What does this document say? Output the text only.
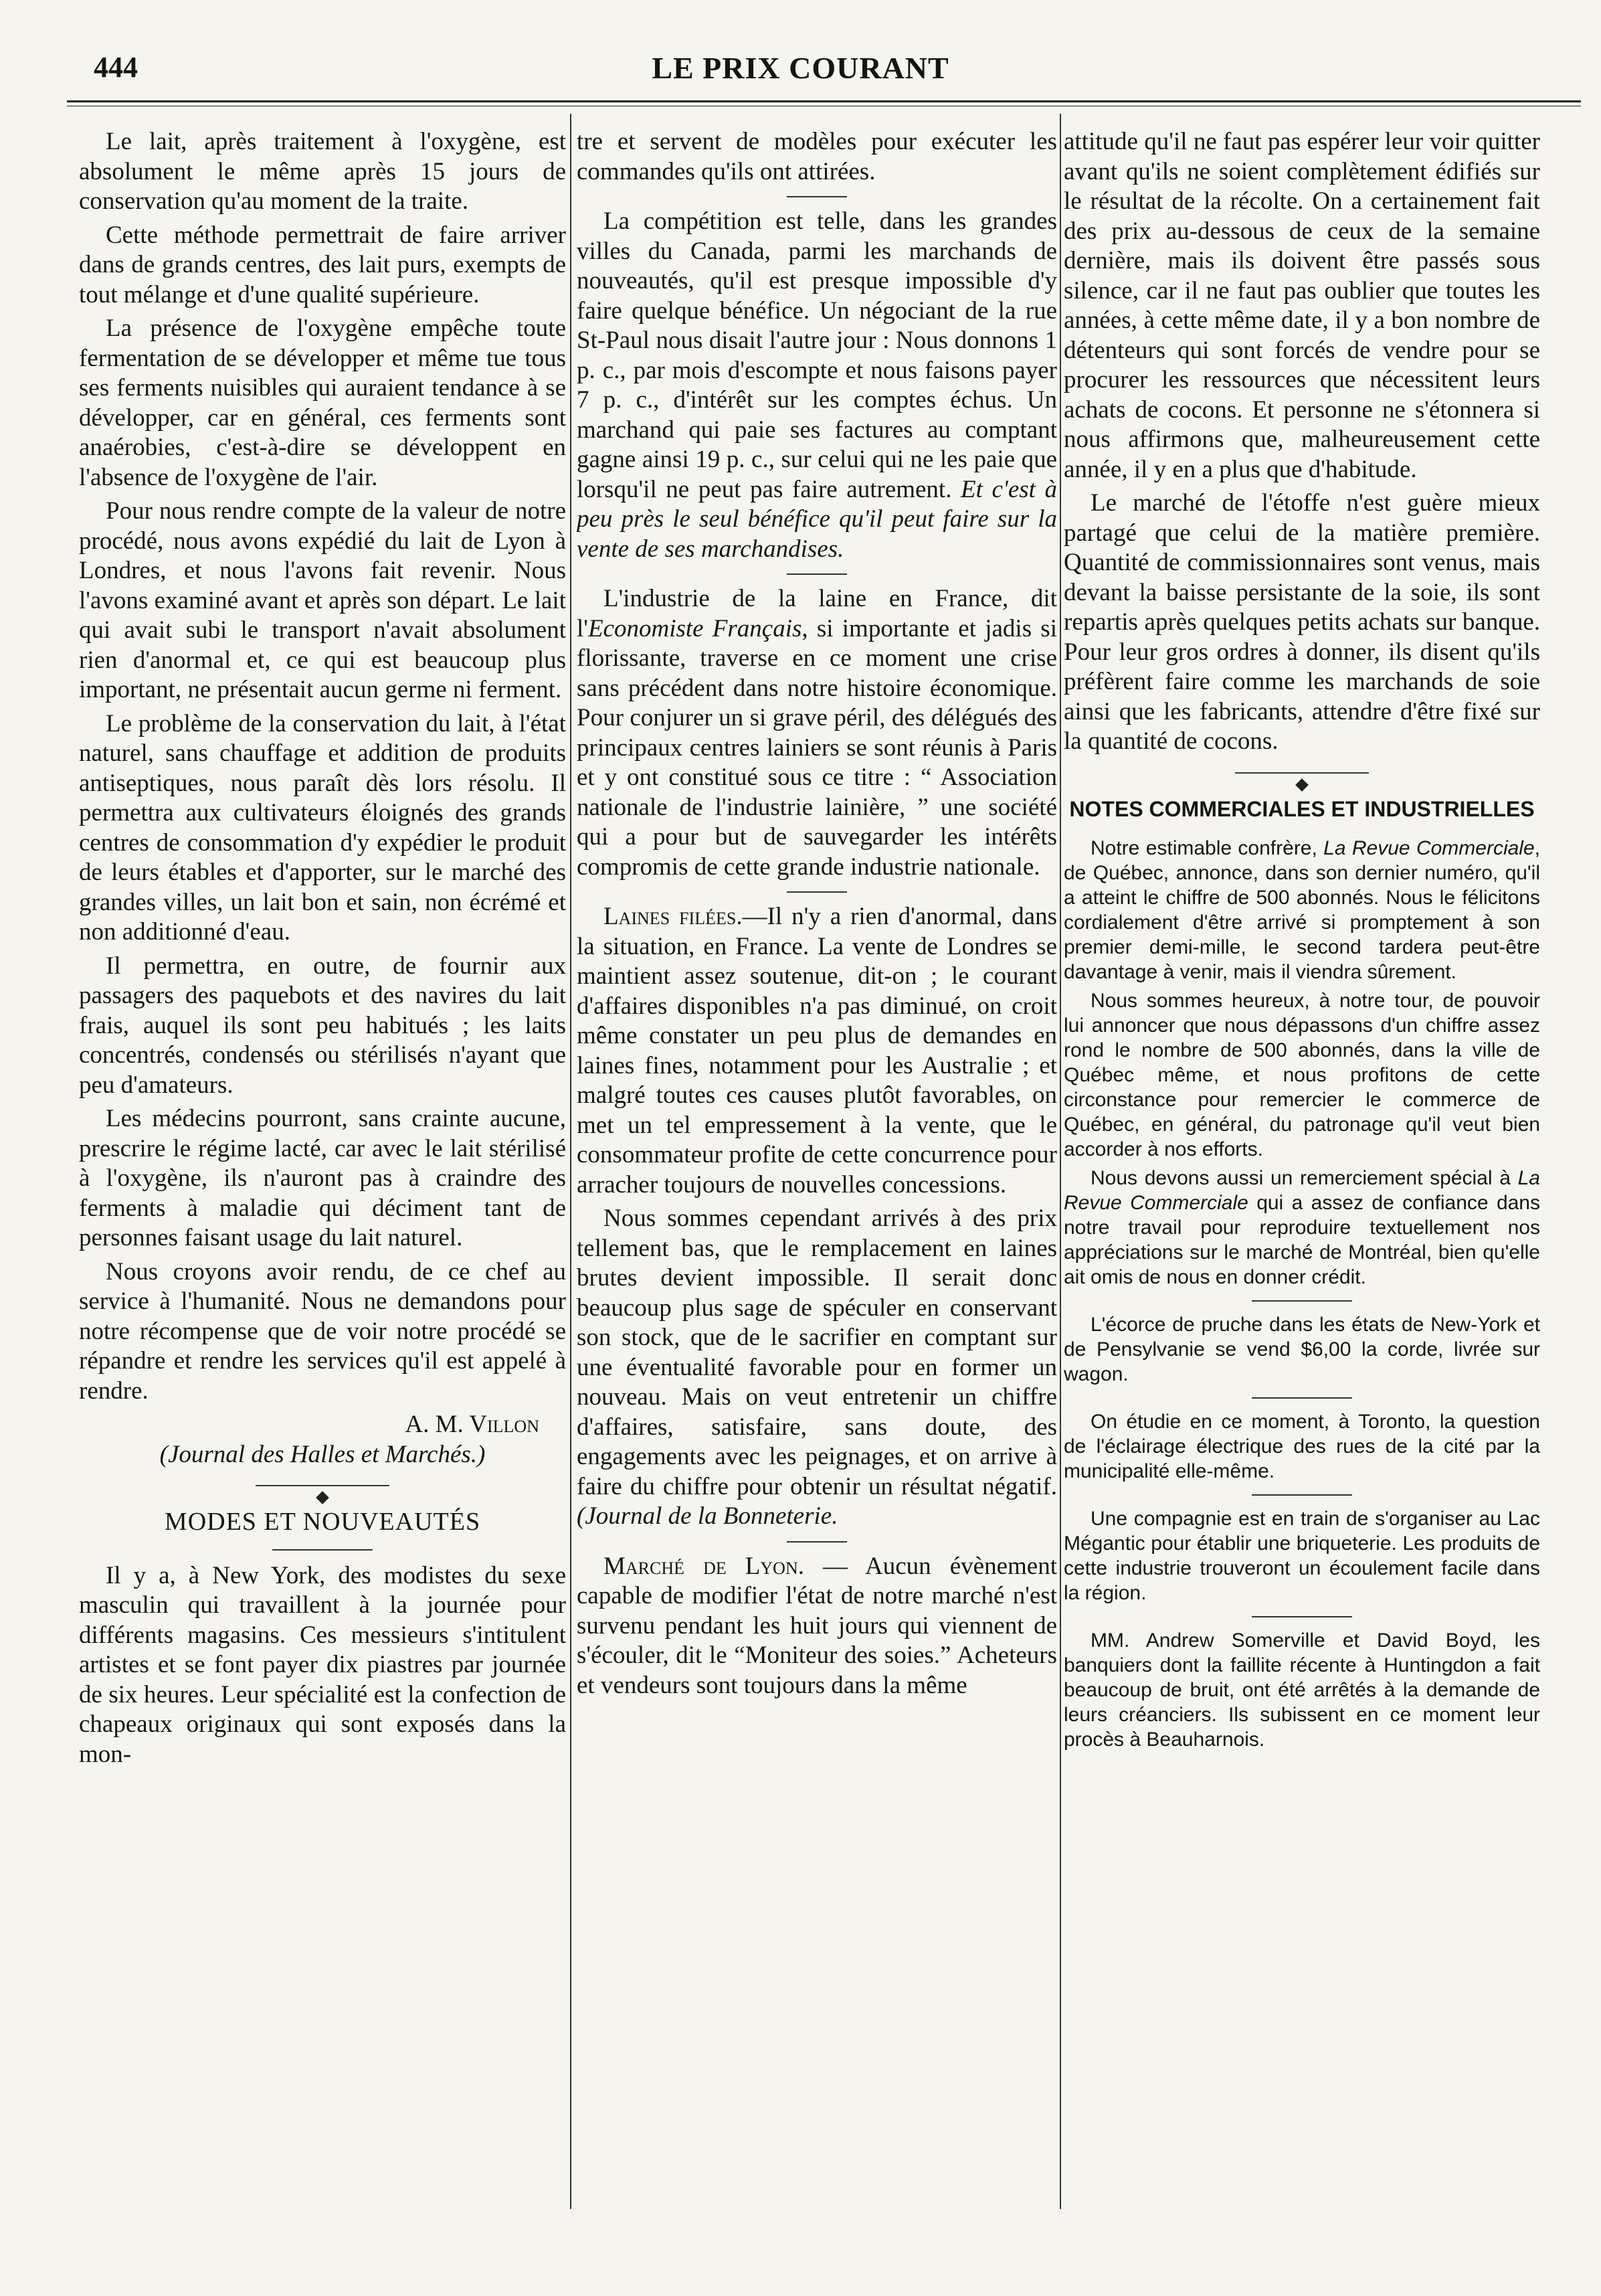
444	LE PRIX COURANT

Le lait, après traitement à l'oxygène, est absolument le même après 15 jours de conservation qu'au moment de la traite.

Cette méthode permettrait de faire arriver dans de grands centres, des lait purs, exempts de tout mélange et d'une qualité supérieure.

La présence de l'oxygène empêche toute fermentation de se développer et même tue tous ses ferments nuisibles qui auraient tendance à se développer, car en général, ces ferments sont anaérobies, c'est-à-dire se développent en l'absence de l'oxygène de l'air.

Pour nous rendre compte de la valeur de notre procédé, nous avons expédié du lait de Lyon à Londres, et nous l'avons fait revenir. Nous l'avons examiné avant et après son départ. Le lait qui avait subi le transport n'avait absolument rien d'anormal et, ce qui est beaucoup plus important, ne présentait aucun germe ni ferment.

Le problème de la conservation du lait, à l'état naturel, sans chauffage et addition de produits antiseptiques, nous paraît dès lors résolu. Il permettra aux cultivateurs éloignés des grands centres de consommation d'y expédier le produit de leurs étables et d'apporter, sur le marché des grandes villes, un lait bon et sain, non écrémé et non additionné d'eau.

Il permettra, en outre, de fournir aux passagers des paquebots et des navires du lait frais, auquel ils sont peu habitués ; les laits concentrés, condensés ou stérilisés n'ayant que peu d'amateurs.

Les médecins pourront, sans crainte aucune, prescrire le régime lacté, car avec le lait stérilisé à l'oxygène, ils n'auront pas à craindre des ferments à maladie qui déciment tant de personnes faisant usage du lait naturel.

Nous croyons avoir rendu, de ce chef au service à l'humanité. Nous ne demandons pour notre récompense que de voir notre procédé se répandre et rendre les services qu'il est appelé à rendre.

A. M. Villon
(Journal des Halles et Marchés.)
MODES ET NOUVEAUTÉS

Il y a, à New York, des modistes du sexe masculin qui travaillent à la journée pour différents magasins. Ces messieurs s'intitulent artistes et se font payer dix piastres par journée de six heures. Leur spécialité est la confection de chapeaux originaux qui sont exposés dans la mon-

tre et servent de modèles pour exécuter les commandes qu'ils ont attirées.

La compétition est telle, dans les grandes villes du Canada, parmi les marchands de nouveautés, qu'il est presque impossible d'y faire quelque bénéfice. Un négociant de la rue St-Paul nous disait l'autre jour : Nous donnons 1 p. c., par mois d'escompte et nous faisons payer 7 p. c., d'intérêt sur les comptes échus. Un marchand qui paie ses factures au comptant gagne ainsi 19 p. c., sur celui qui ne les paie que lorsqu'il ne peut pas faire autrement. Et c'est à peu près le seul bénéfice qu'il peut faire sur la vente de ses marchandises.

L'industrie de la laine en France, dit l'Economiste Français, si importante et jadis si florissante, traverse en ce moment une crise sans précédent dans notre histoire économique. Pour conjurer un si grave péril, des délégués des principaux centres lainiers se sont réunis à Paris et y ont constitué sous ce titre : “ Association nationale de l'industrie lainière, ” une société qui a pour but de sauvegarder les intérêts compromis de cette grande industrie nationale.

Laines filées.—Il n'y a rien d'anormal, dans la situation, en France. La vente de Londres se maintient assez soutenue, dit-on ; le courant d'affaires disponibles n'a pas diminué, on croit même constater un peu plus de demandes en laines fines, notamment pour les Australie ; et malgré toutes ces causes plutôt favorables, on met un tel empressement à la vente, que le consommateur profite de cette concurrence pour arracher toujours de nouvelles concessions.

Nous sommes cependant arrivés à des prix tellement bas, que le remplacement en laines brutes devient impossible. Il serait donc beaucoup plus sage de spéculer en conservant son stock, que de le sacrifier en comptant sur une éventualité favorable pour en former un nouveau. Mais on veut entretenir un chiffre d'affaires, satisfaire, sans doute, des engagements avec les peignages, et on arrive à faire du chiffre pour obtenir un résultat négatif. (Journal de la Bonneterie.

Marché de Lyon. — Aucun évènement capable de modifier l'état de notre marché n'est survenu pendant les huit jours qui viennent de s'écouler, dit le “Moniteur des soies.” Acheteurs et vendeurs sont toujours dans la même

attitude qu'il ne faut pas espérer leur voir quitter avant qu'ils ne soient complètement édifiés sur le résultat de la récolte. On a certainement fait des prix au-dessous de ceux de la semaine dernière, mais ils doivent être passés sous silence, car il ne faut pas oublier que toutes les années, à cette même date, il y a bon nombre de détenteurs qui sont forcés de vendre pour se procurer les ressources que nécessitent leurs achats de cocons. Et personne ne s'étonnera si nous affirmons que, malheureusement cette année, il y en a plus que d'habitude.

Le marché de l'étoffe n'est guère mieux partagé que celui de la matière première. Quantité de commissionnaires sont venus, mais devant la baisse persistante de la soie, ils sont repartis après quelques petits achats sur banque. Pour leur gros ordres à donner, ils disent qu'ils préfèrent faire comme les marchands de soie ainsi que les fabricants, attendre d'être fixé sur la quantité de cocons.

NOTES COMMERCIALES ET INDUSTRIELLES

Notre estimable confrère, La Revue Commerciale, de Québec, annonce, dans son dernier numéro, qu'il a atteint le chiffre de 500 abonnés. Nous le félicitons cordialement d'être arrivé si promptement à son premier demi-mille, le second tardera peut-être davantage à venir, mais il viendra sûrement.

Nous sommes heureux, à notre tour, de pouvoir lui annoncer que nous dépassons d'un chiffre assez rond le nombre de 500 abonnés, dans la ville de Québec même, et nous profitons de cette circonstance pour remercier le commerce de Québec, en général, du patronage qu'il veut bien accorder à nos efforts.

Nous devons aussi un remerciement spécial à La Revue Commerciale qui a assez de confiance dans notre travail pour reproduire textuellement nos appréciations sur le marché de Montréal, bien qu'elle ait omis de nous en donner crédit.

L'écorce de pruche dans les états de New-York et de Pensylvanie se vend $6,00 la corde, livrée sur wagon.

On étudie en ce moment, à Toronto, la question de l'éclairage électrique des rues de la cité par la municipalité elle-même.

Une compagnie est en train de s'organiser au Lac Mégantic pour établir une briqueterie. Les produits de cette industrie trouveront un écoulement facile dans la région.

MM. Andrew Somerville et David Boyd, les banquiers dont la faillite récente à Huntingdon a fait beaucoup de bruit, ont été arrêtés à la demande de leurs créanciers. Ils subissent en ce moment leur procès à Beauharnois.
